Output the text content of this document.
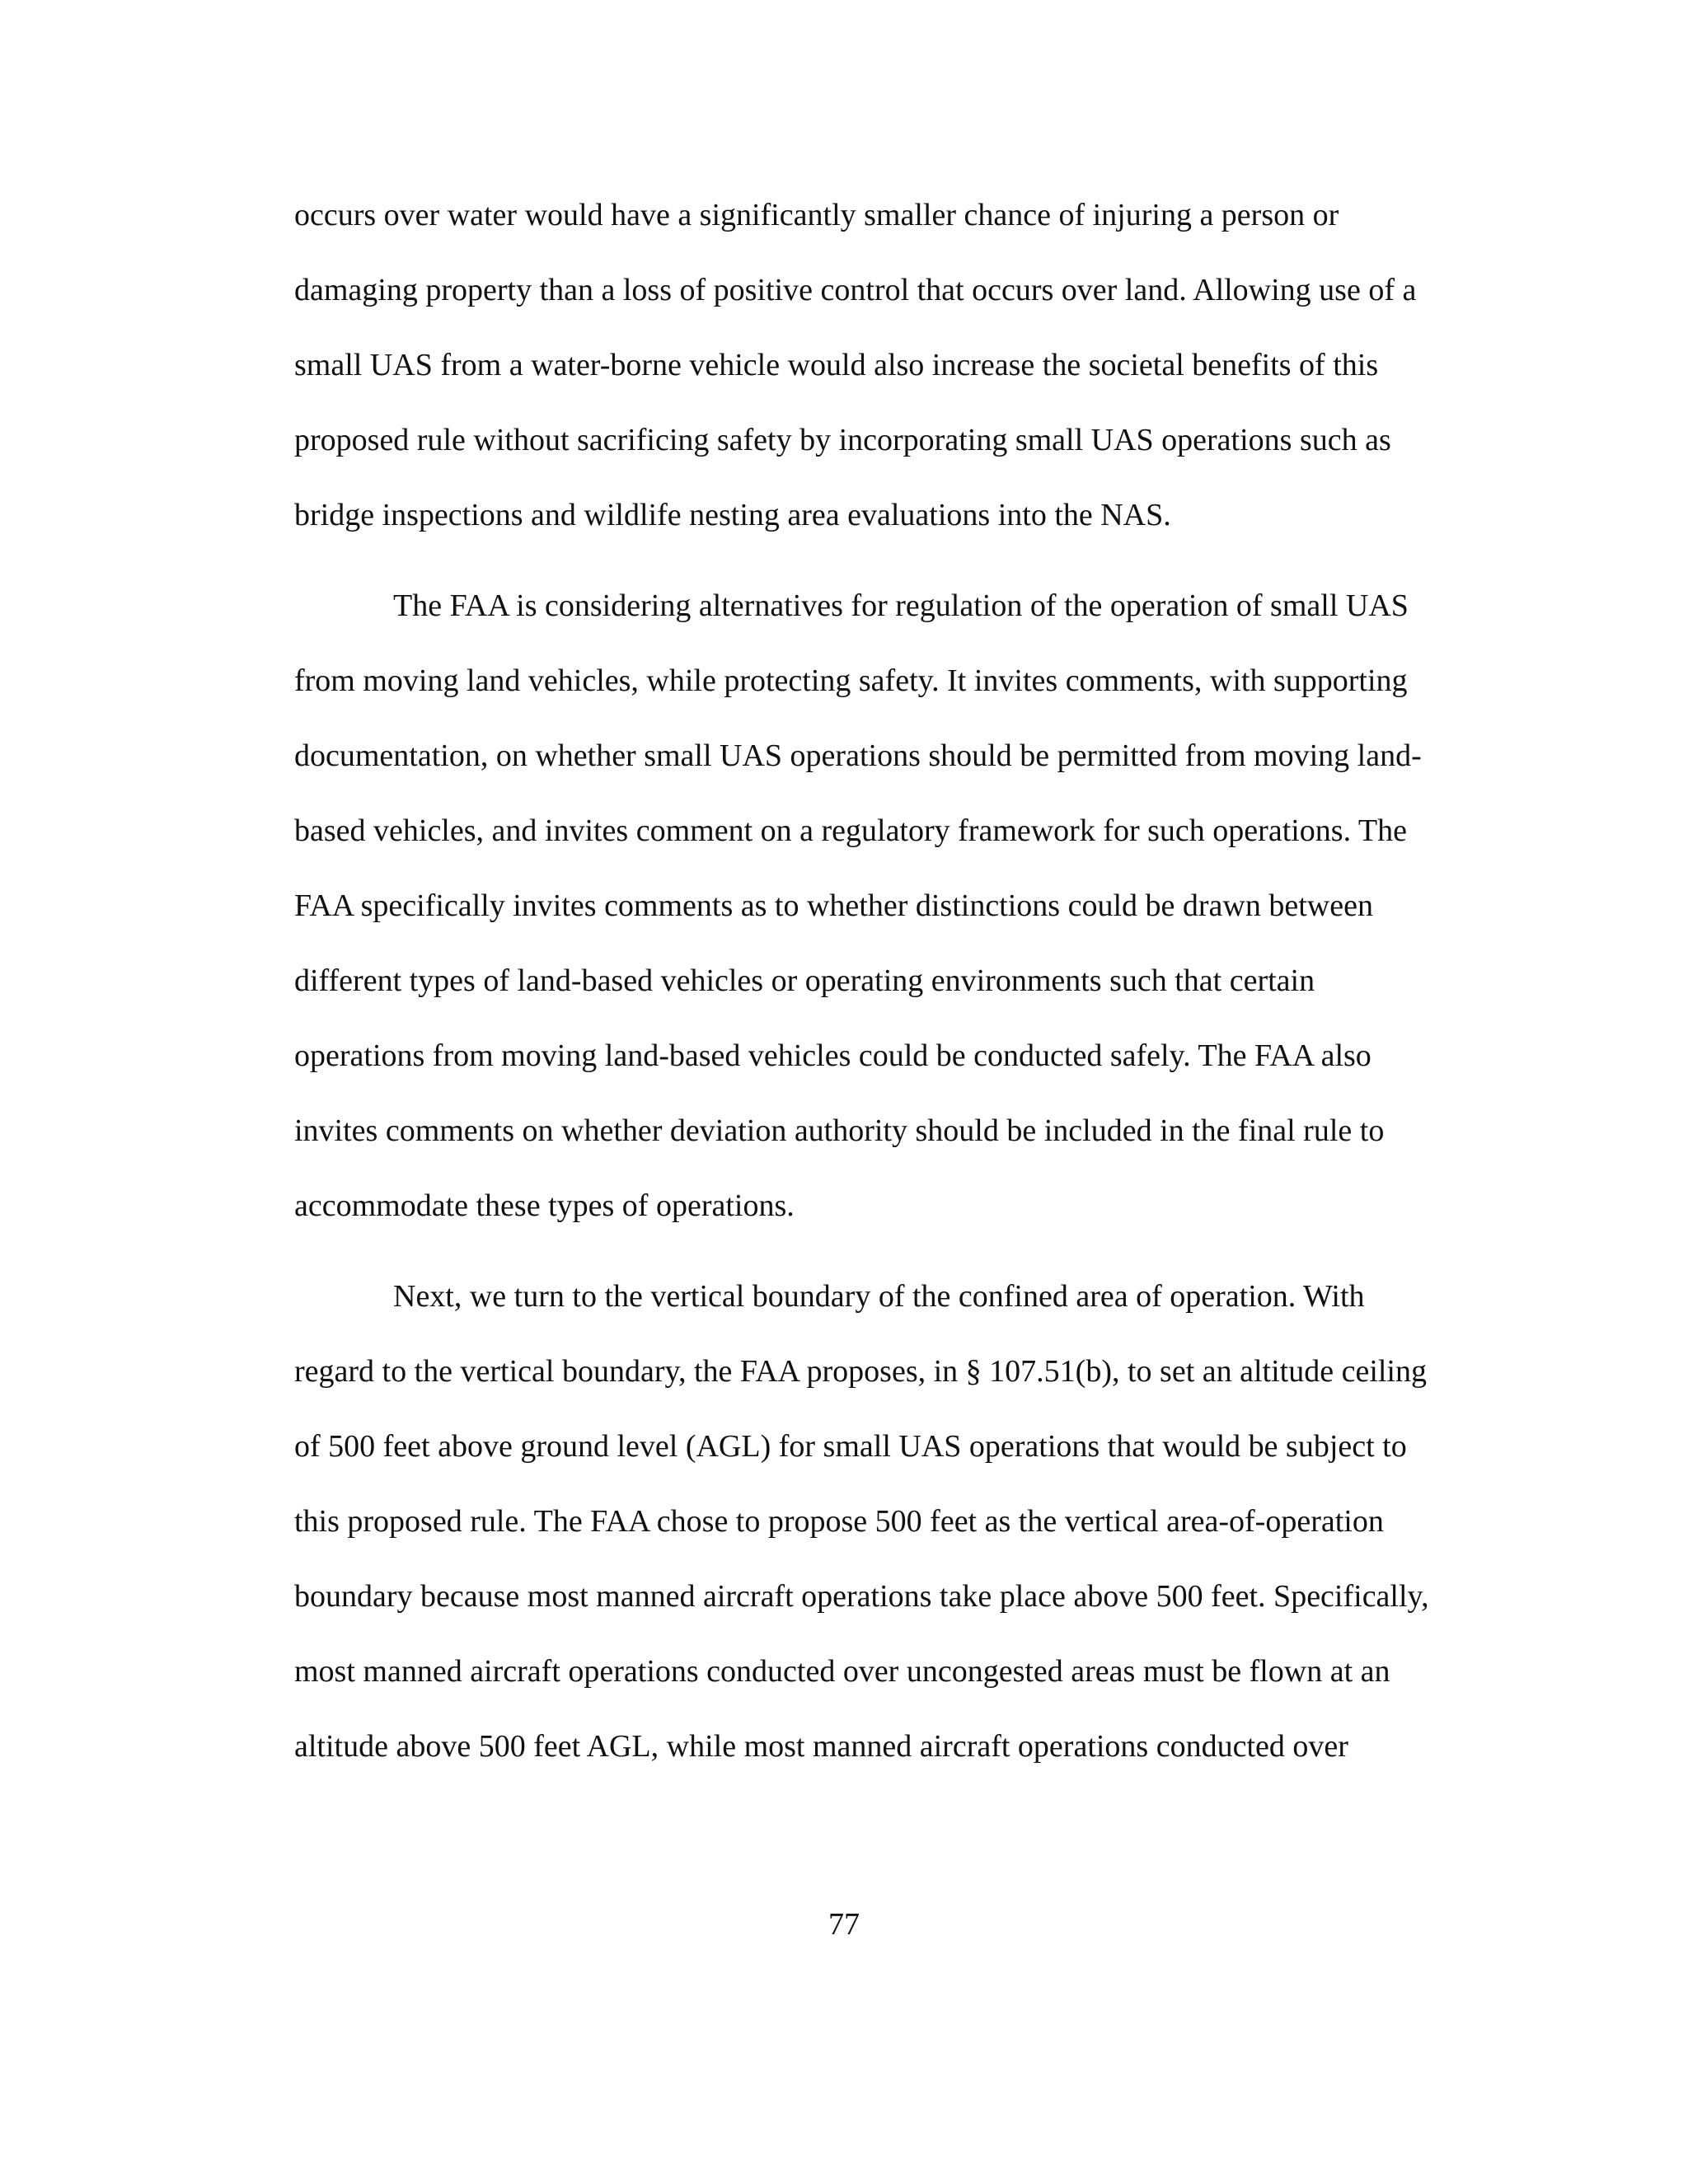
occurs over water would have a significantly smaller chance of injuring a person or
damaging property than a loss of positive control that occurs over land. Allowing use of a
small UAS from a water-borne vehicle would also increase the societal benefits of this
proposed rule without sacrificing safety by incorporating small UAS operations such as
bridge inspections and wildlife nesting area evaluations into the NAS.
The FAA is considering alternatives for regulation of the operation of small UAS
from moving land vehicles, while protecting safety. It invites comments, with supporting
documentation, on whether small UAS operations should be permitted from moving land-
based vehicles, and invites comment on a regulatory framework for such operations. The
FAA specifically invites comments as to whether distinctions could be drawn between
different types of land-based vehicles or operating environments such that certain
operations from moving land-based vehicles could be conducted safely. The FAA also
invites comments on whether deviation authority should be included in the final rule to
accommodate these types of operations.
Next, we turn to the vertical boundary of the confined area of operation. With
regard to the vertical boundary, the FAA proposes, in § 107.51(b), to set an altitude ceiling
of 500 feet above ground level (AGL) for small UAS operations that would be subject to
this proposed rule. The FAA chose to propose 500 feet as the vertical area-of-operation
boundary because most manned aircraft operations take place above 500 feet. Specifically,
most manned aircraft operations conducted over uncongested areas must be flown at an
altitude above 500 feet AGL, while most manned aircraft operations conducted over
77
